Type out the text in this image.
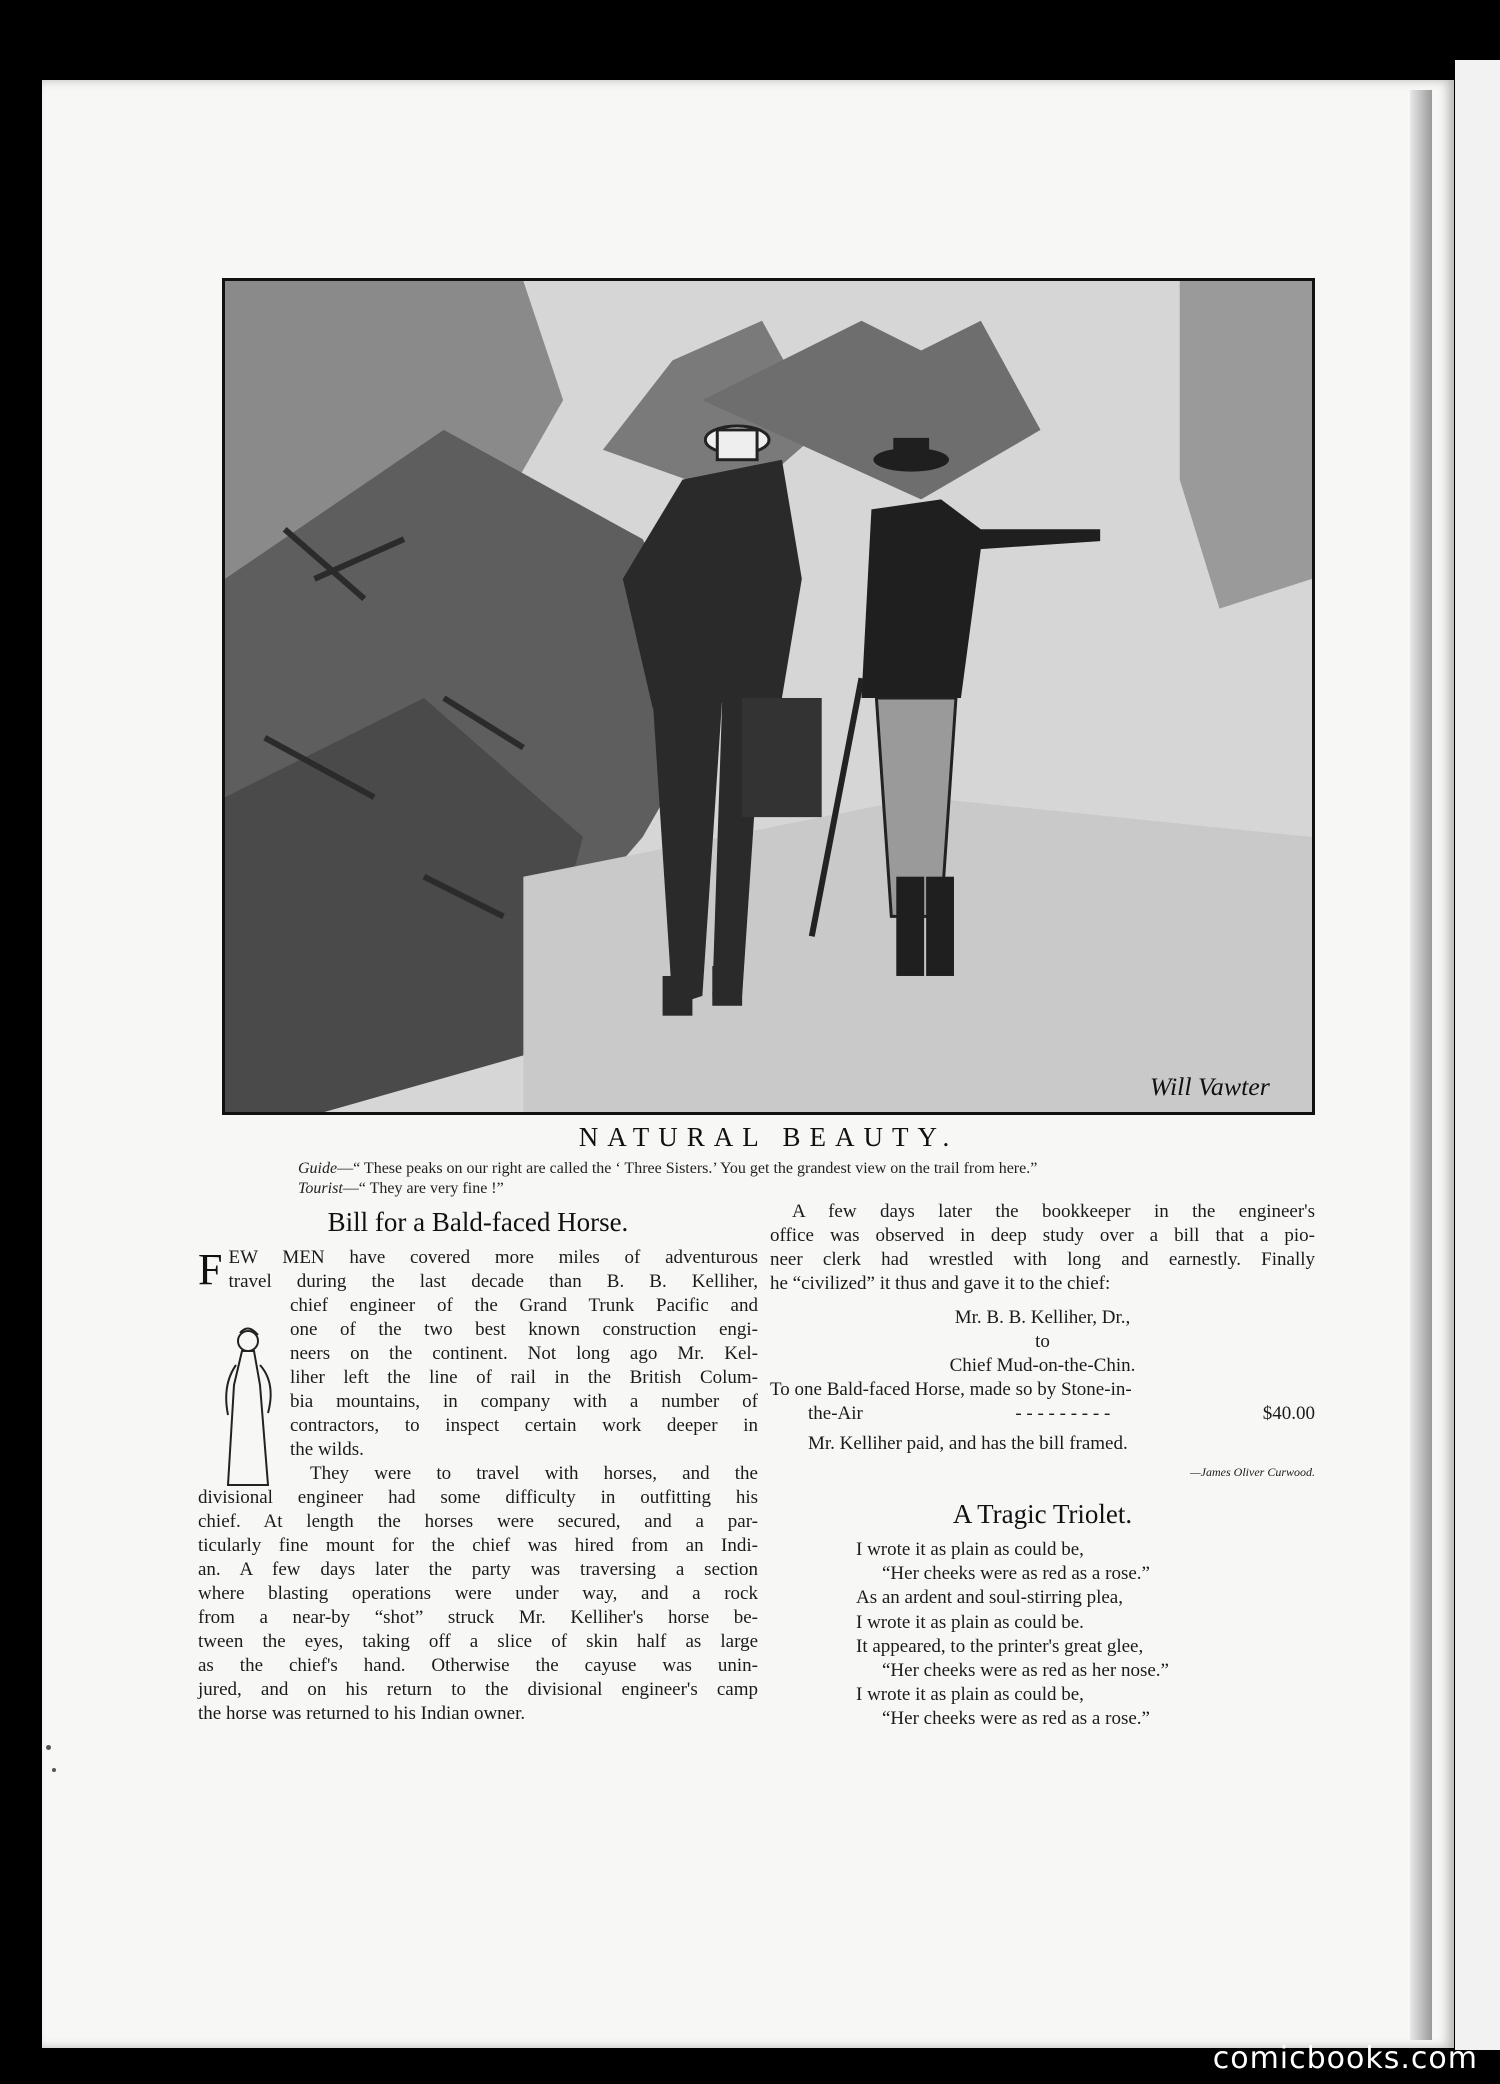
Will Vawter
NATURAL BEAUTY.
Guide—“ These peaks on our right are called the ‘ Three Sisters.’ You get the grandest view on the trail from here.”
Tourist—“ They are very fine !”
Bill for a Bald-faced Horse.
F EW MEN have covered more miles of adventurous
travel during the last decade than B. B. Kelliher,
chief engineer of the Grand Trunk Pacific and
one of the two best known construction engi-
neers on the continent. Not long ago Mr. Kel-
liher left the line of rail in the British Colum-
bia mountains, in company with a number of
contractors, to inspect certain work deeper in
the wilds.
They were to travel with horses, and the
divisional engineer had some difficulty in outfitting his
chief. At length the horses were secured, and a par-
ticularly fine mount for the chief was hired from an Indi-
an. A few days later the party was traversing a section
where blasting operations were under way, and a rock
from a near-by “shot” struck Mr. Kelliher's horse be-
tween the eyes, taking off a slice of skin half as large
as the chief's hand. Otherwise the cayuse was unin-
jured, and on his return to the divisional engineer's camp
the horse was returned to his Indian owner.
A few days later the bookkeeper in the engineer's
office was observed in deep study over a bill that a pio-
neer clerk had wrestled with long and earnestly. Finally
he “civilized” it thus and gave it to the chief:
Mr. B. B. Kelliher, Dr.,
to
Chief Mud-on-the-Chin.
To one Bald-faced Horse, made so by Stone-in-
the-Air	- - - - - - - - -	$40.00
Mr. Kelliher paid, and has the bill framed.
—James Oliver Curwood.
A Tragic Triolet.
I wrote it as plain as could be,
“Her cheeks were as red as a rose.”
As an ardent and soul-stirring plea,
I wrote it as plain as could be.
It appeared, to the printer's great glee,
“Her cheeks were as red as her nose.”
I wrote it as plain as could be,
“Her cheeks were as red as a rose.”
comicbooks.com
